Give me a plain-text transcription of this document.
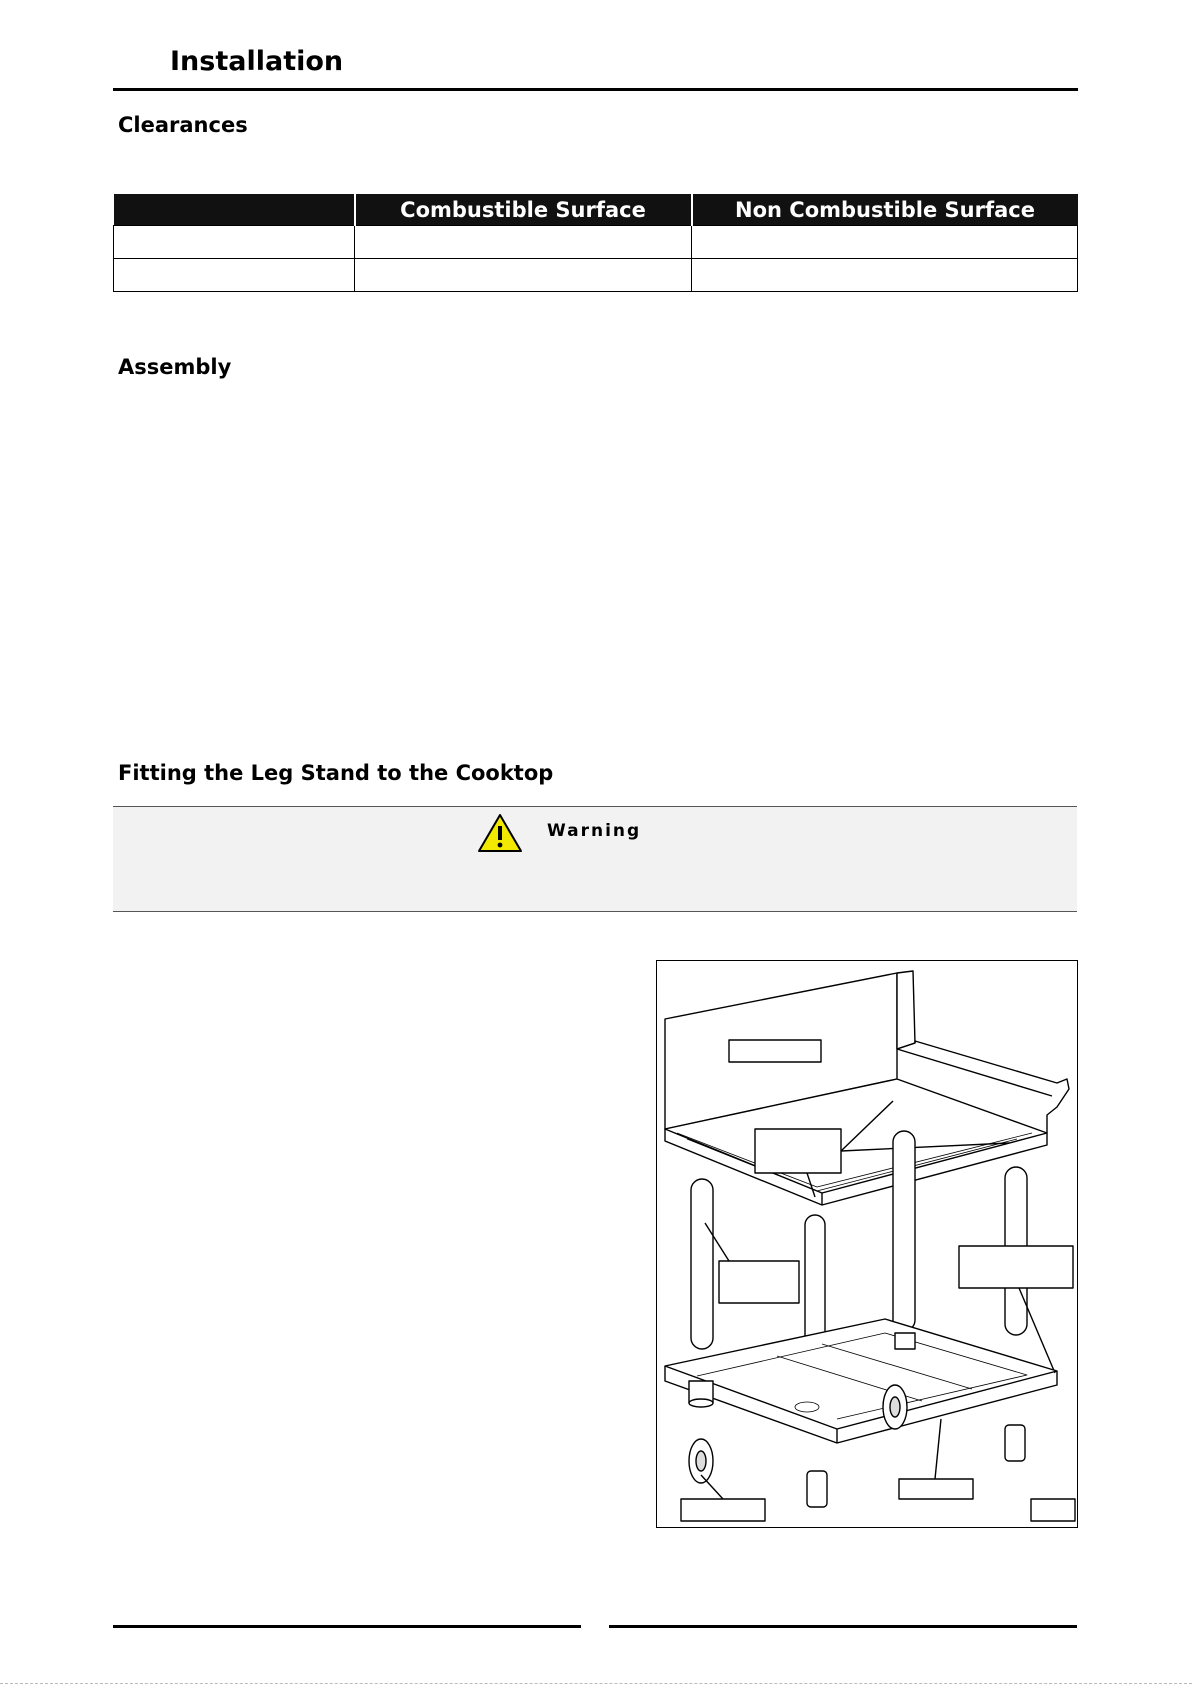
Installation
Clearances
	Combustible Surface	Non Combustible Surface

Assembly
Fitting the Leg Stand to the Cooktop
Warning
